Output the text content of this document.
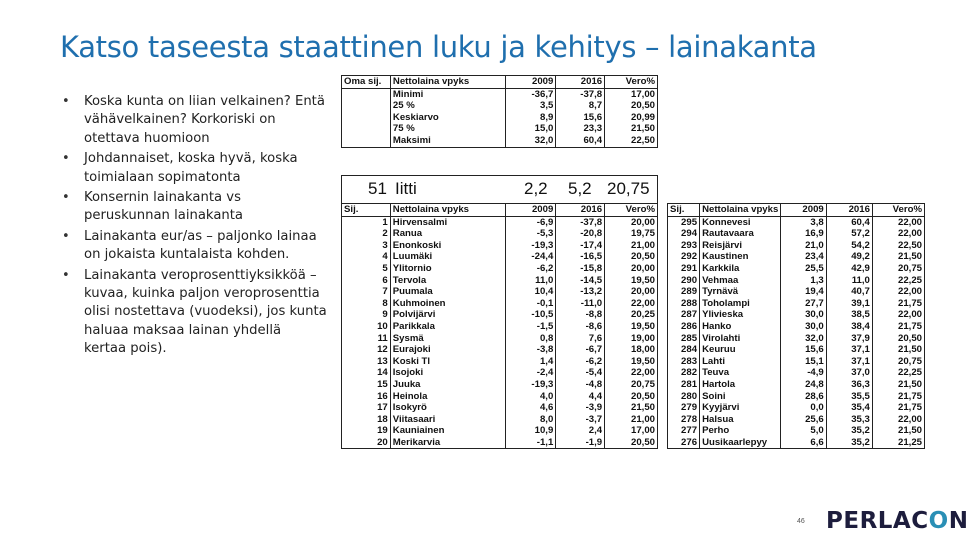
Katso taseesta staattinen luku ja kehitys – lainakanta
• Koska kunta on liian velkainen? Entä vähävelkainen? Korkoriski on otettava huomioon
• Johdannaiset, koska hyvä, koska toimialaan sopimatonta
• Konsernin lainakanta vs peruskunnan lainakanta
• Lainakanta eur/as – paljonko lainaa on jokaista kuntalaista kohden.
• Lainakanta veroprosenttiyksikköä – kuvaa, kuinka paljon veroprosenttia olisi nostettava (vuodeksi), jos kunta haluaa maksaa lainan yhdellä kertaa pois).
Oma sij.	Nettolaina vpyks	2009	2016	Vero%
	Minimi	-36,7	-37,8	17,00
	25 %	3,5	8,7	20,50
	Keskiarvo	8,9	15,6	20,99
	75 %	15,0	23,3	21,50
	Maksimi	32,0	60,4	22,50
51 Iitti	2,2 5,2 20,75
Sij.	Nettolaina vpyks	2009	2016	Vero%
1	Hirvensalmi	-6,9	-37,8	20,00
2	Ranua	-5,3	-20,8	19,75
3	Enonkoski	-19,3	-17,4	21,00
4	Luumäki	-24,4	-16,5	20,50
5	Ylitornio	-6,2	-15,8	20,00
6	Tervola	11,0	-14,5	19,50
7	Puumala	10,4	-13,2	20,00
8	Kuhmoinen	-0,1	-11,0	22,00
9	Polvijärvi	-10,5	-8,8	20,25
10	Parikkala	-1,5	-8,6	19,50
11	Sysmä	0,8	7,6	19,00
12	Eurajoki	-3,8	-6,7	18,00
13	Koski Tl	1,4	-6,2	19,50
14	Isojoki	-2,4	-5,4	22,00
15	Juuka	-19,3	-4,8	20,75
16	Heinola	4,0	4,4	20,50
17	Isokyrö	4,6	-3,9	21,50
18	Viitasaari	8,0	-3,7	21,00
19	Kauniainen	10,9	2,4	17,00
20	Merikarvia	-1,1	-1,9	20,50
Sij.	Nettolaina vpyks	2009	2016	Vero%
295	Konnevesi	3,8	60,4	22,00
294	Rautavaara	16,9	57,2	22,00
293	Reisjärvi	21,0	54,2	22,50
292	Kaustinen	23,4	49,2	21,50
291	Karkkila	25,5	42,9	20,75
290	Vehmaa	1,3	11,0	22,25
289	Tyrnävä	19,4	40,7	22,00
288	Toholampi	27,7	39,1	21,75
287	Ylivieska	30,0	38,5	22,00
286	Hanko	30,0	38,4	21,75
285	Virolahti	32,0	37,9	20,50
284	Keuruu	15,6	37,1	21,50
283	Lahti	15,1	37,1	20,75
282	Teuva	-4,9	37,0	22,25
281	Hartola	24,8	36,3	21,50
280	Soini	28,6	35,5	21,75
279	Kyyjärvi	0,0	35,4	21,75
278	Halsua	25,6	35,3	22,00
277	Perho	5,0	35,2	21,50
276	Uusikaarlepyy	6,6	35,2	21,25
46 PERLACON
